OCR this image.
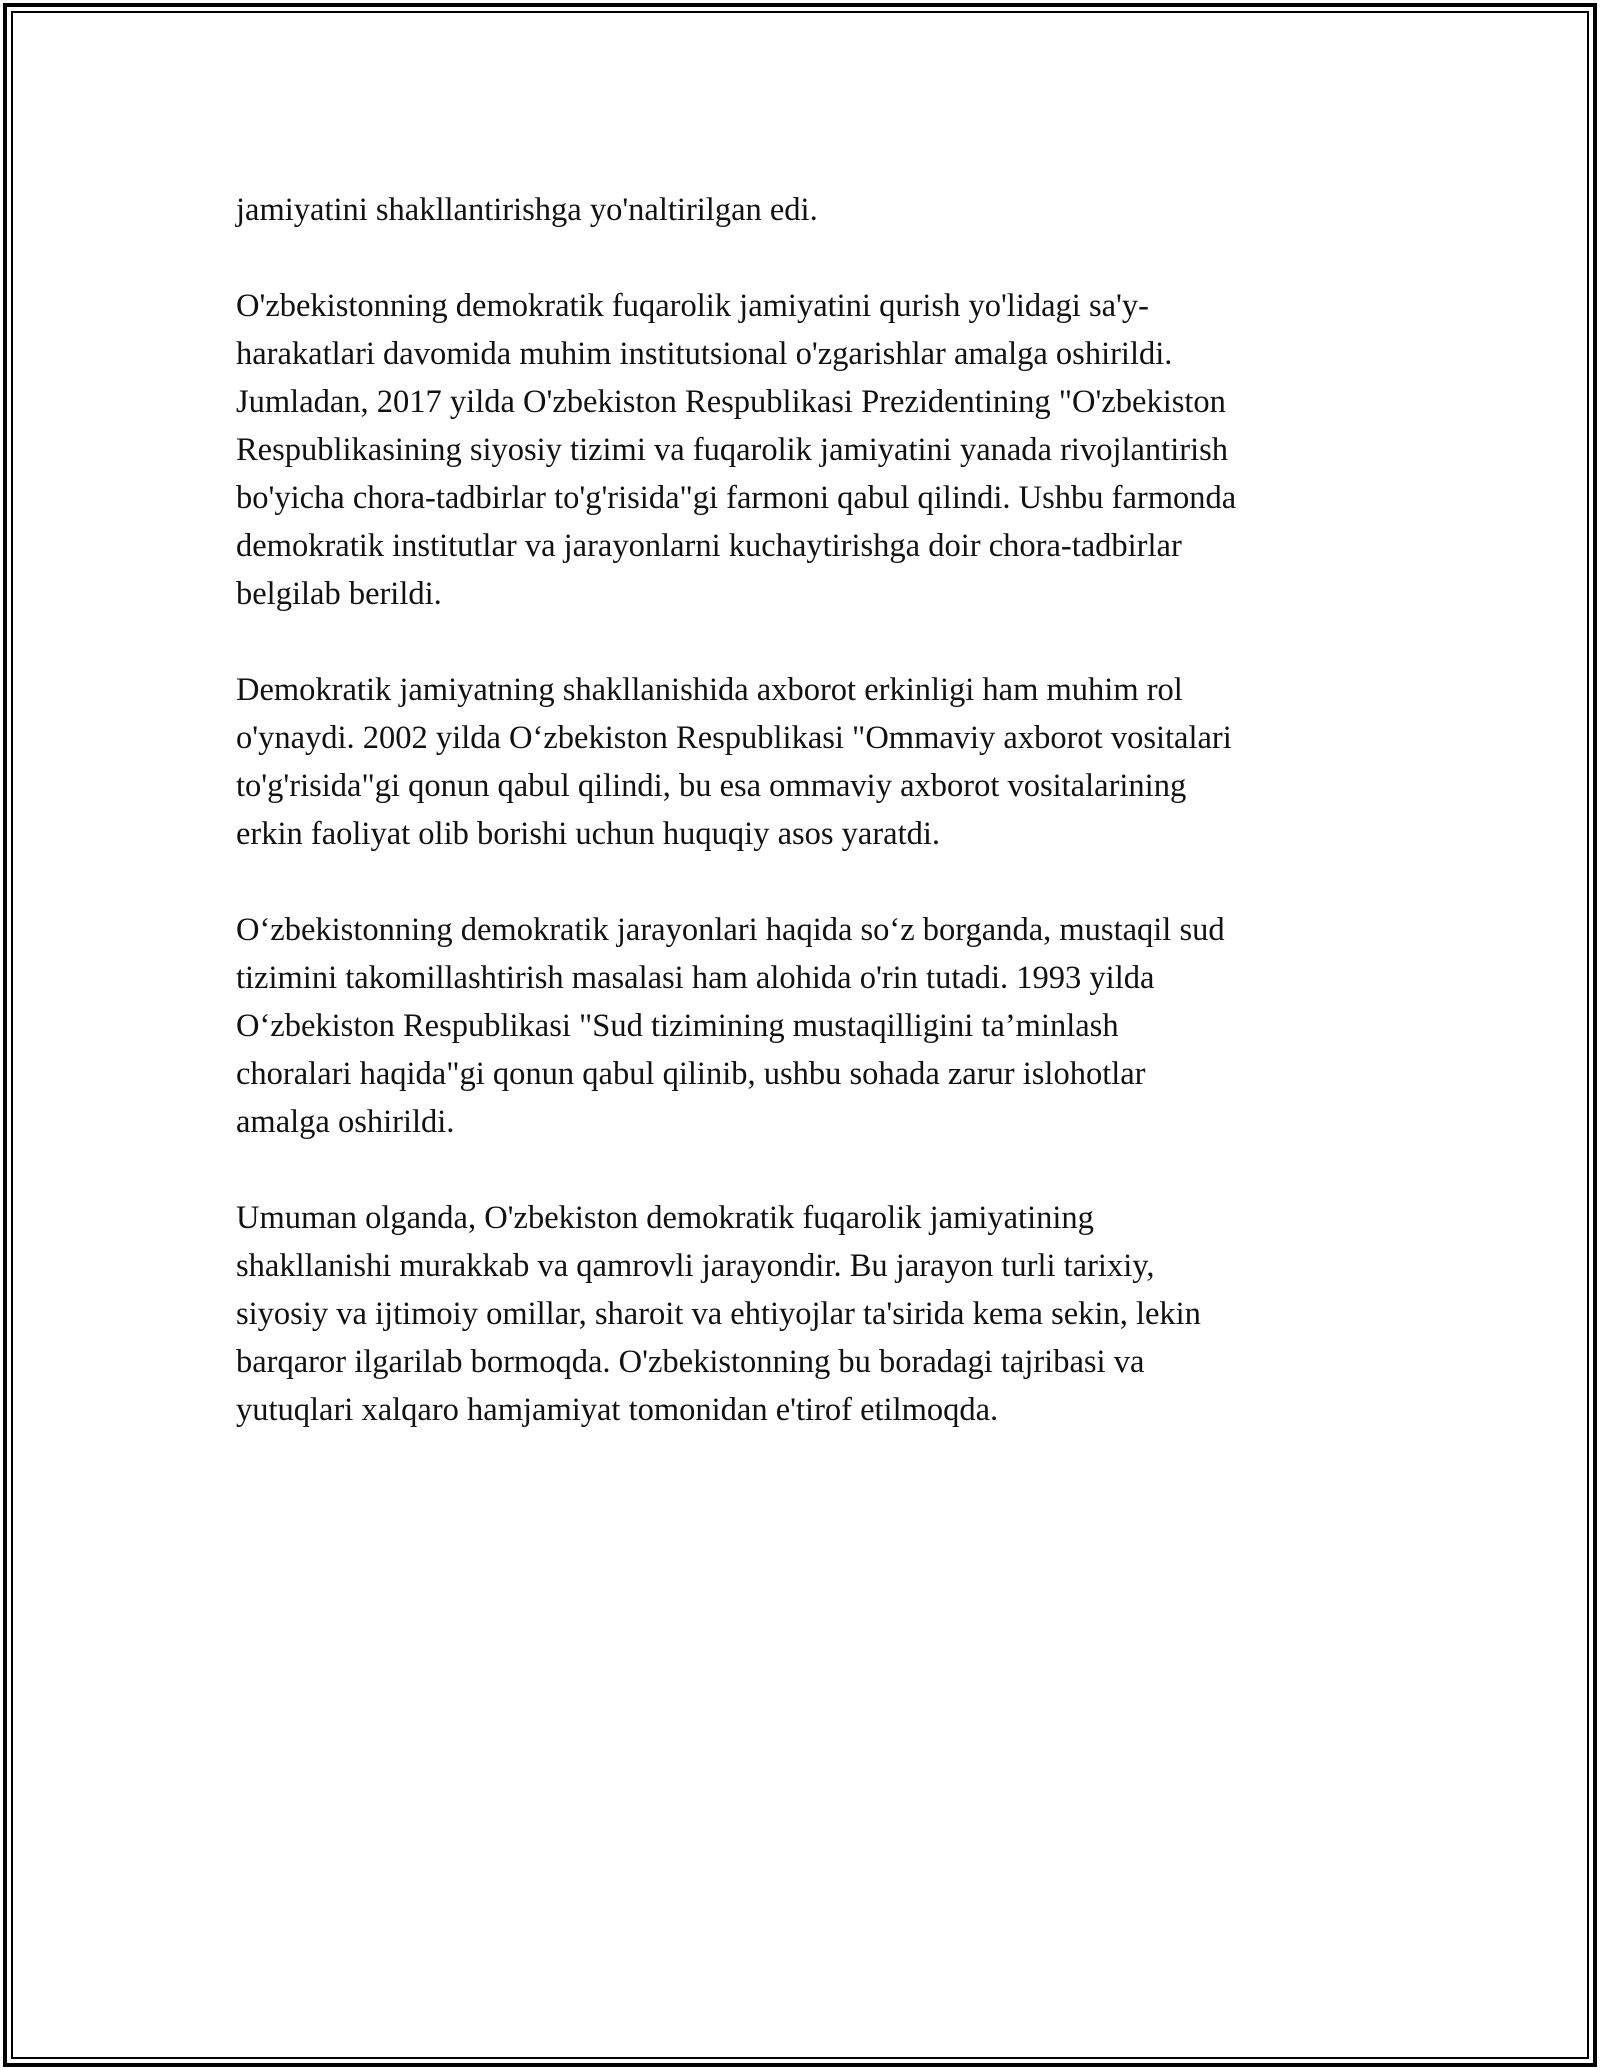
jamiyatini shakllantirishga yo'naltirilgan edi.

O'zbekistonning demokratik fuqarolik jamiyatini qurish yo'lidagi sa'y-
harakatlari davomida muhim institutsional o'zgarishlar amalga oshirildi.
Jumladan, 2017 yilda O'zbekiston Respublikasi Prezidentining "O'zbekiston
Respublikasining siyosiy tizimi va fuqarolik jamiyatini yanada rivojlantirish
bo'yicha chora-tadbirlar to'g'risida"gi farmoni qabul qilindi. Ushbu farmonda
demokratik institutlar va jarayonlarni kuchaytirishga doir chora-tadbirlar
belgilab berildi.

Demokratik jamiyatning shakllanishida axborot erkinligi ham muhim rol
o'ynaydi. 2002 yilda O‘zbekiston Respublikasi "Ommaviy axborot vositalari
to'g'risida"gi qonun qabul qilindi, bu esa ommaviy axborot vositalarining
erkin faoliyat olib borishi uchun huquqiy asos yaratdi.

O‘zbekistonning demokratik jarayonlari haqida so‘z borganda, mustaqil sud
tizimini takomillashtirish masalasi ham alohida o'rin tutadi. 1993 yilda
O‘zbekiston Respublikasi "Sud tizimining mustaqilligini ta’minlash
choralari haqida"gi qonun qabul qilinib, ushbu sohada zarur islohotlar
amalga oshirildi.

Umuman olganda, O'zbekiston demokratik fuqarolik jamiyatining
shakllanishi murakkab va qamrovli jarayondir. Bu jarayon turli tarixiy,
siyosiy va ijtimoiy omillar, sharoit va ehtiyojlar ta'sirida kema sekin, lekin
barqaror ilgarilab bormoqda. O'zbekistonning bu boradagi tajribasi va
yutuqlari xalqaro hamjamiyat tomonidan e'tirof etilmoqda.
